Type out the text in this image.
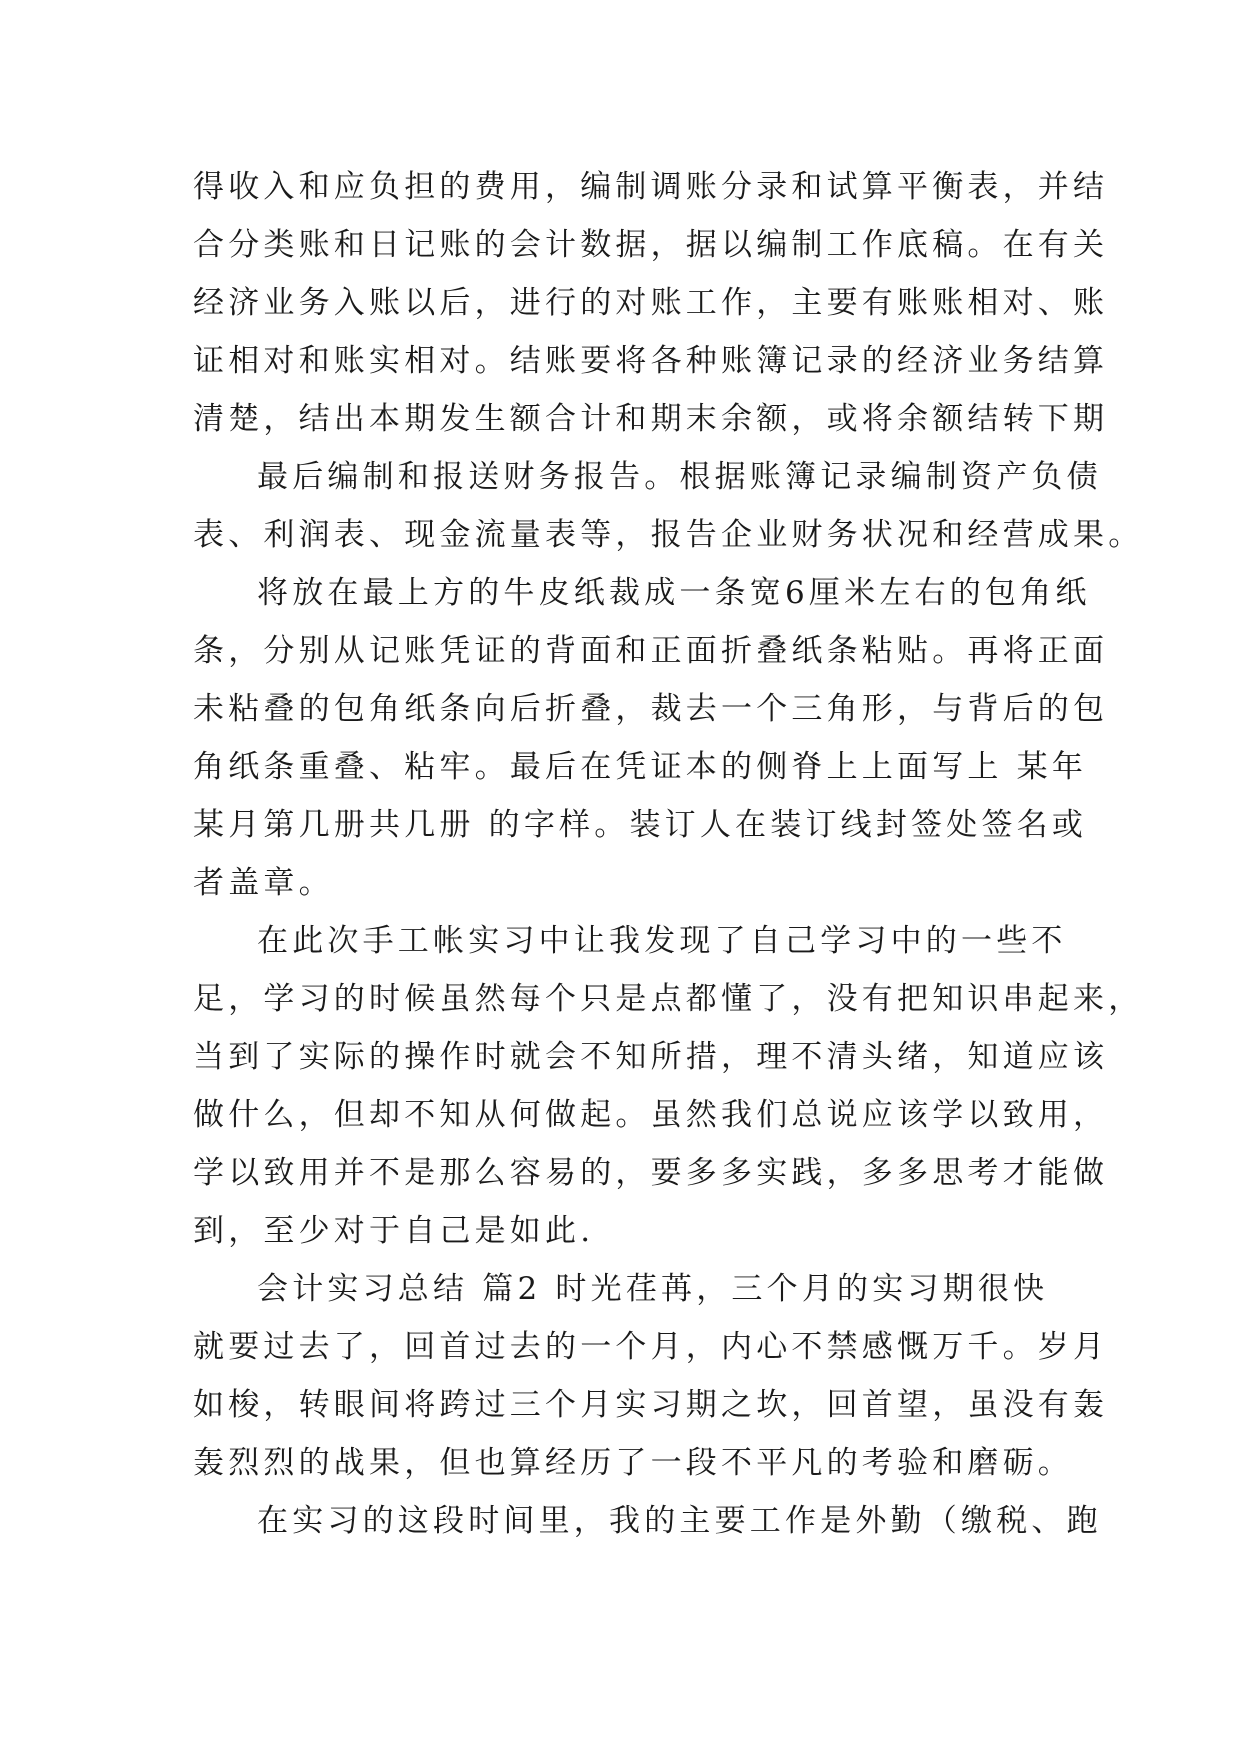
得收入和应负担的费用，编制调账分录和试算平衡表，并结

合分类账和日记账的会计数据，据以编制工作底稿。在有关

经济业务入账以后，进行的对账工作，主要有账账相对、账

证相对和账实相对。结账要将各种账簿记录的经济业务结算

清楚，结出本期发生额合计和期末余额，或将余额结转下期

最后编制和报送财务报告。根据账簿记录编制资产负债

表、利润表、现金流量表等，报告企业财务状况和经营成果。

将放在最上方的牛皮纸裁成一条宽6厘米左右的包角纸

条，分别从记账凭证的背面和正面折叠纸条粘贴。再将正面

未粘叠的包角纸条向后折叠，裁去一个三角形，与背后的包

角纸条重叠、粘牢。最后在凭证本的侧脊上上面写上 某年

某月第几册共几册 的字样。装订人在装订线封签处签名或

者盖章。

在此次手工帐实习中让我发现了自己学习中的一些不

足，学习的时候虽然每个只是点都懂了，没有把知识串起来，

当到了实际的操作时就会不知所措，理不清头绪，知道应该

做什么，但却不知从何做起。虽然我们总说应该学以致用，

学以致用并不是那么容易的，要多多实践，多多思考才能做

到，至少对于自己是如此.

会计实习总结 篇2 时光荏苒，三个月的实习期很快

就要过去了，回首过去的一个月，内心不禁感慨万千。岁月

如梭，转眼间将跨过三个月实习期之坎，回首望，虽没有轰

轰烈烈的战果，但也算经历了一段不平凡的考验和磨砺。

在实习的这段时间里，我的主要工作是外勤（缴税、跑
